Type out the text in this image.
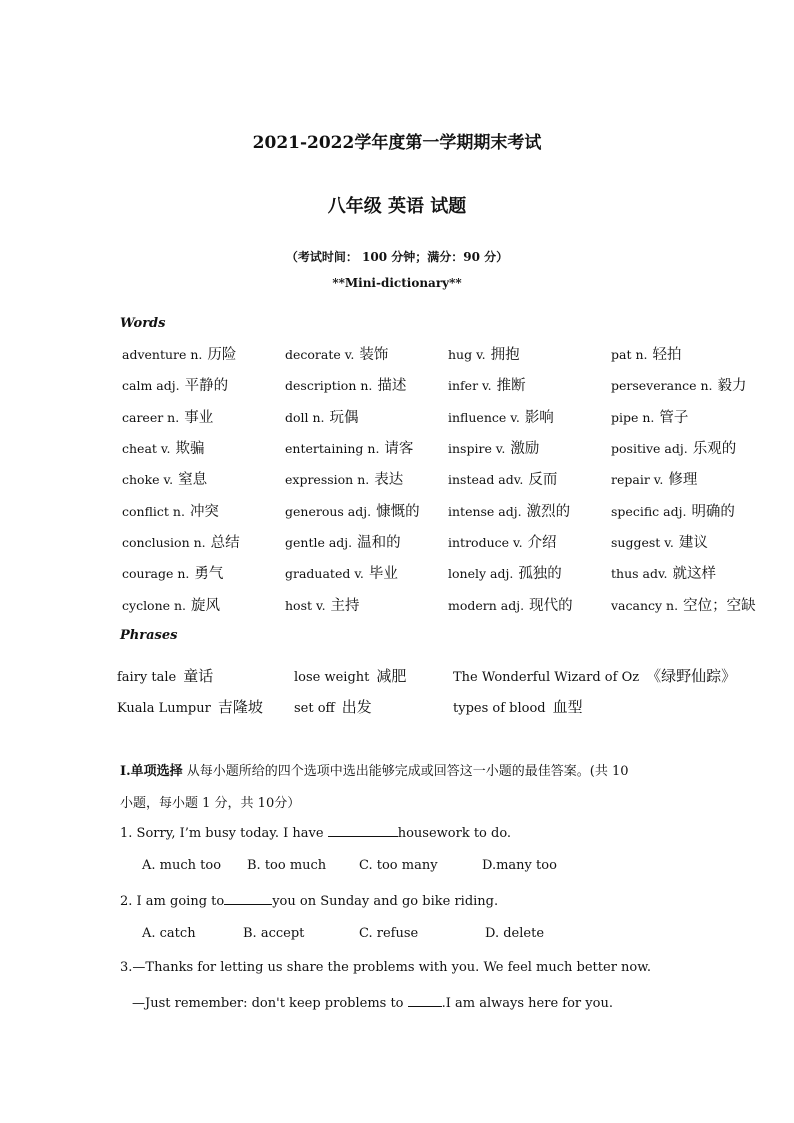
2021-2022学年度第一学期期末考试
八年级 英语 试题
（考试时间： 100 分钟；满分：90 分）
**Mini-dictionary**
Words
adventure n. 历险	decorate v. 装饰	hug v. 拥抱	pat n. 轻拍
calm adj. 平静的	description n. 描述	infer v. 推断	perseverance n. 毅力
career n. 事业	doll n. 玩偶	influence v. 影响	pipe n. 管子
cheat v. 欺骗	entertaining n. 请客	inspire v. 激励	positive adj. 乐观的
choke v. 窒息	expression n. 表达	instead adv. 反而	repair v. 修理
conflict n. 冲突	generous adj. 慷慨的	intense adj. 激烈的	specific adj. 明确的
conclusion n. 总结	gentle adj. 温和的	introduce v. 介绍	suggest v. 建议
courage n. 勇气	graduated v. 毕业	lonely adj. 孤独的	thus adv. 就这样
cyclone n. 旋风	host v. 主持	modern adj. 现代的	vacancy n. 空位；空缺
Phrases
fairy tale 童话	lose weight 减肥	The Wonderful Wizard of Oz 《绿野仙踪》
Kuala Lumpur 吉隆坡	set off 出发	types of blood 血型
I.单项选择 从每小题所给的四个选项中选出能够完成或回答这一小题的最佳答案。(共 10
小题，每小题 1 分，共 10分）
1. Sorry, I’m busy today. I have	housework to do.
A. much too	B. too much	C. too many	D.many too
2. I am going to	you on Sunday and go bike riding.
A. catch	B. accept	C. refuse	D. delete
3.—Thanks for letting us share the problems with you. We feel much better now.
—Just remember: don't keep problems to	.I am always here for you.
